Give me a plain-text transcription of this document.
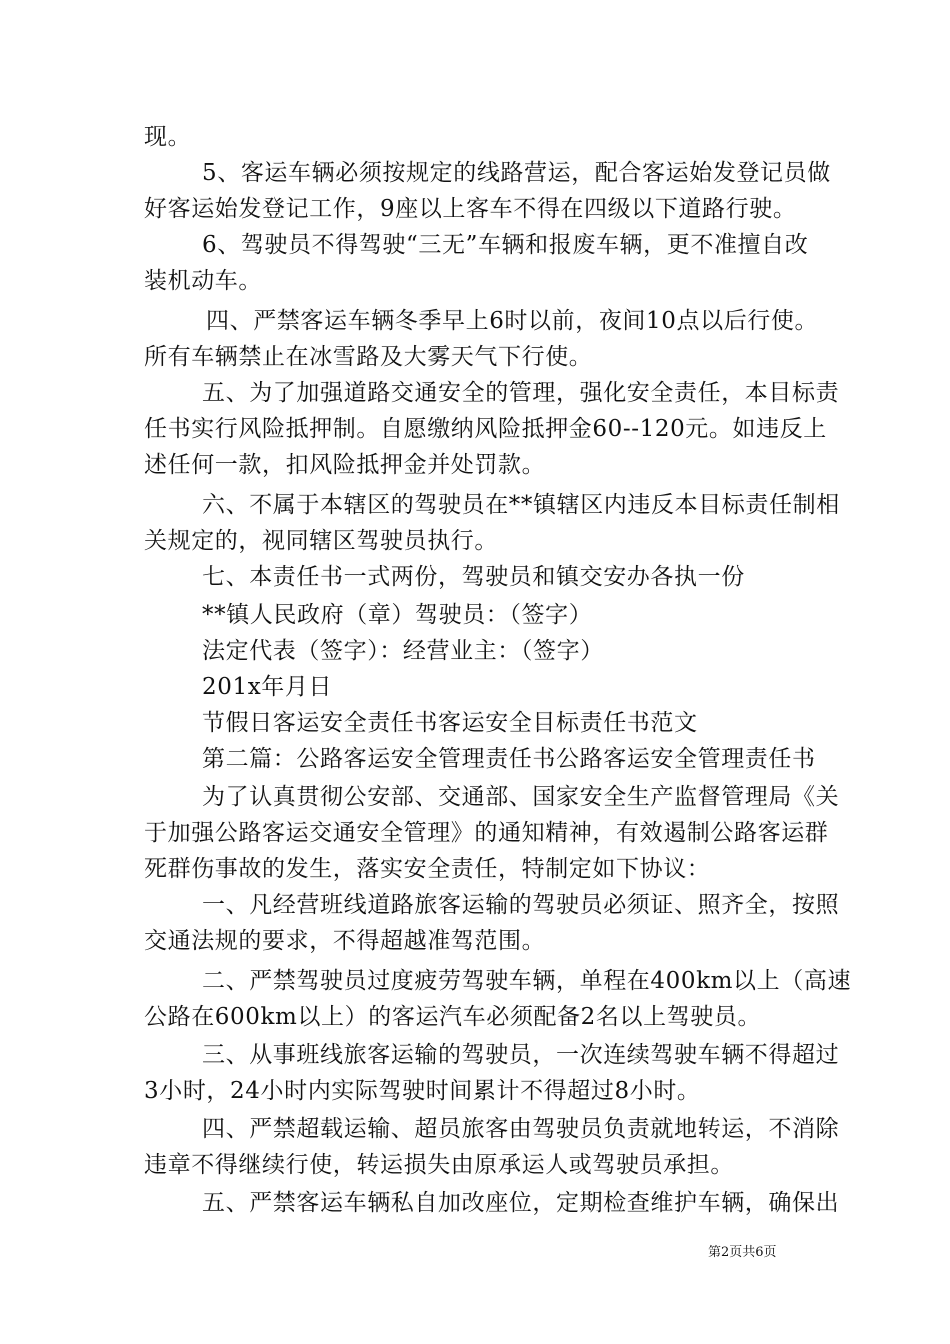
现。
5、客运车辆必须按规定的线路营运，配合客运始发登记员做
好客运始发登记工作，9座以上客车不得在四级以下道路行驶。
6、驾驶员不得驾驶“三无”车辆和报废车辆，更不准擅自改
装机动车。
四、严禁客运车辆冬季早上6时以前，夜间10点以后行使。
所有车辆禁止在冰雪路及大雾天气下行使。
五、为了加强道路交通安全的管理，强化安全责任，本目标责
任书实行风险抵押制。自愿缴纳风险抵押金60--120元。如违反上
述任何一款，扣风险抵押金并处罚款。
六、不属于本辖区的驾驶员在**镇辖区内违反本目标责任制相
关规定的，视同辖区驾驶员执行。
七、本责任书一式两份，驾驶员和镇交安办各执一份
**镇人民政府（章）驾驶员：（签字）
法定代表（签字）：经营业主：（签字）
201x年月日
节假日客运安全责任书客运安全目标责任书范文
第二篇：公路客运安全管理责任书公路客运安全管理责任书
为了认真贯彻公安部、交通部、国家安全生产监督管理局《关
于加强公路客运交通安全管理》的通知精神，有效遏制公路客运群
死群伤事故的发生，落实安全责任，特制定如下协议：
一、凡经营班线道路旅客运输的驾驶员必须证、照齐全，按照
交通法规的要求，不得超越准驾范围。
二、严禁驾驶员过度疲劳驾驶车辆，单程在400km以上（高速
公路在600km以上）的客运汽车必须配备2名以上驾驶员。
三、从事班线旅客运输的驾驶员，一次连续驾驶车辆不得超过
3小时，24小时内实际驾驶时间累计不得超过8小时。
四、严禁超载运输、超员旅客由驾驶员负责就地转运，不消除
违章不得继续行使，转运损失由原承运人或驾驶员承担。
五、严禁客运车辆私自加改座位，定期检查维护车辆，确保出
第2页共6页
